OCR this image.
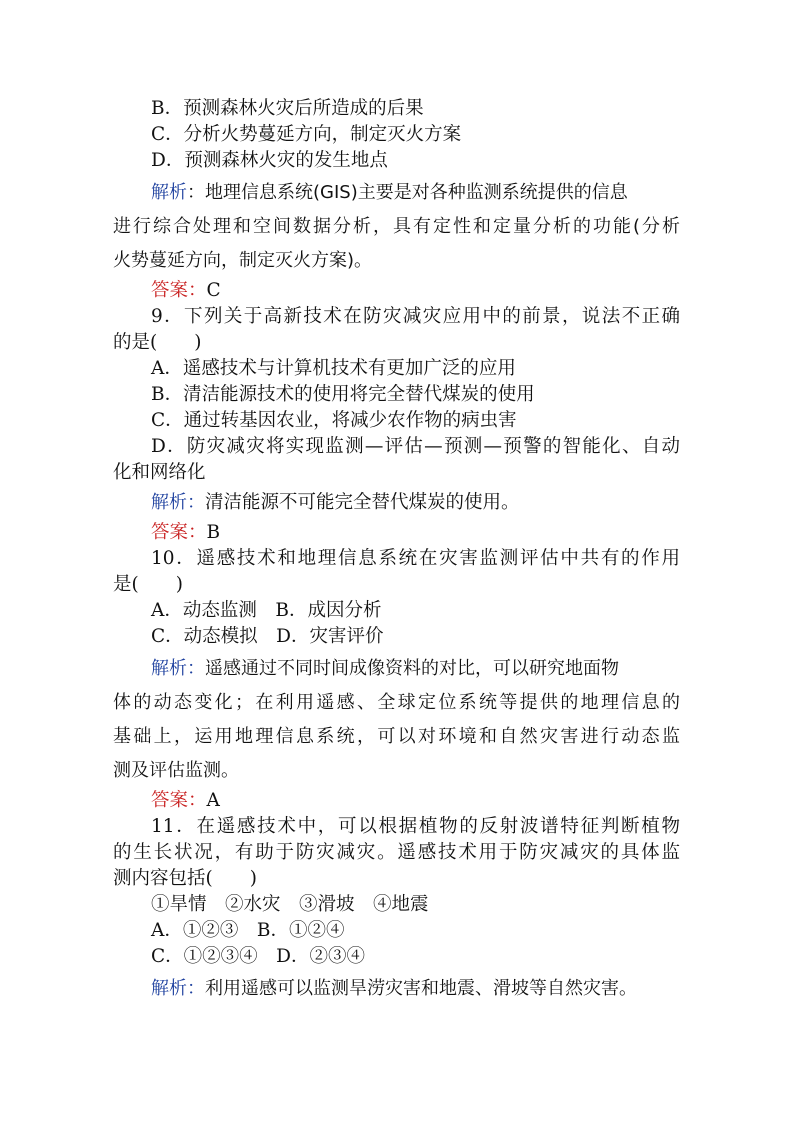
B．预测森林火灾后所造成的后果
C．分析火势蔓延方向，制定灭火方案
D．预测森林火灾的发生地点
解析：地理信息系统(GIS)主要是对各种监测系统提供的信息
进行综合处理和空间数据分析，具有定性和定量分析的功能(分析
火势蔓延方向，制定灭火方案)。
答案：C
9．下列关于高新技术在防灾减灾应用中的前景，说法不正确
的是(　　)
A．遥感技术与计算机技术有更加广泛的应用
B．清洁能源技术的使用将完全替代煤炭的使用
C．通过转基因农业，将减少农作物的病虫害
D．防灾减灾将实现监测—评估—预测—预警的智能化、自动
化和网络化
解析：清洁能源不可能完全替代煤炭的使用。
答案：B
10．遥感技术和地理信息系统在灾害监测评估中共有的作用
是(　　)
A．动态监测　B．成因分析
C．动态模拟　D．灾害评价
解析：遥感通过不同时间成像资料的对比，可以研究地面物
体的动态变化；在利用遥感、全球定位系统等提供的地理信息的
基础上，运用地理信息系统，可以对环境和自然灾害进行动态监
测及评估监测。
答案：A
11．在遥感技术中，可以根据植物的反射波谱特征判断植物
的生长状况，有助于防灾减灾。遥感技术用于防灾减灾的具体监
测内容包括(　　)
①旱情　②水灾　③滑坡　④地震
A．①②③　B．①②④
C．①②③④　D．②③④
解析：利用遥感可以监测旱涝灾害和地震、滑坡等自然灾害。
